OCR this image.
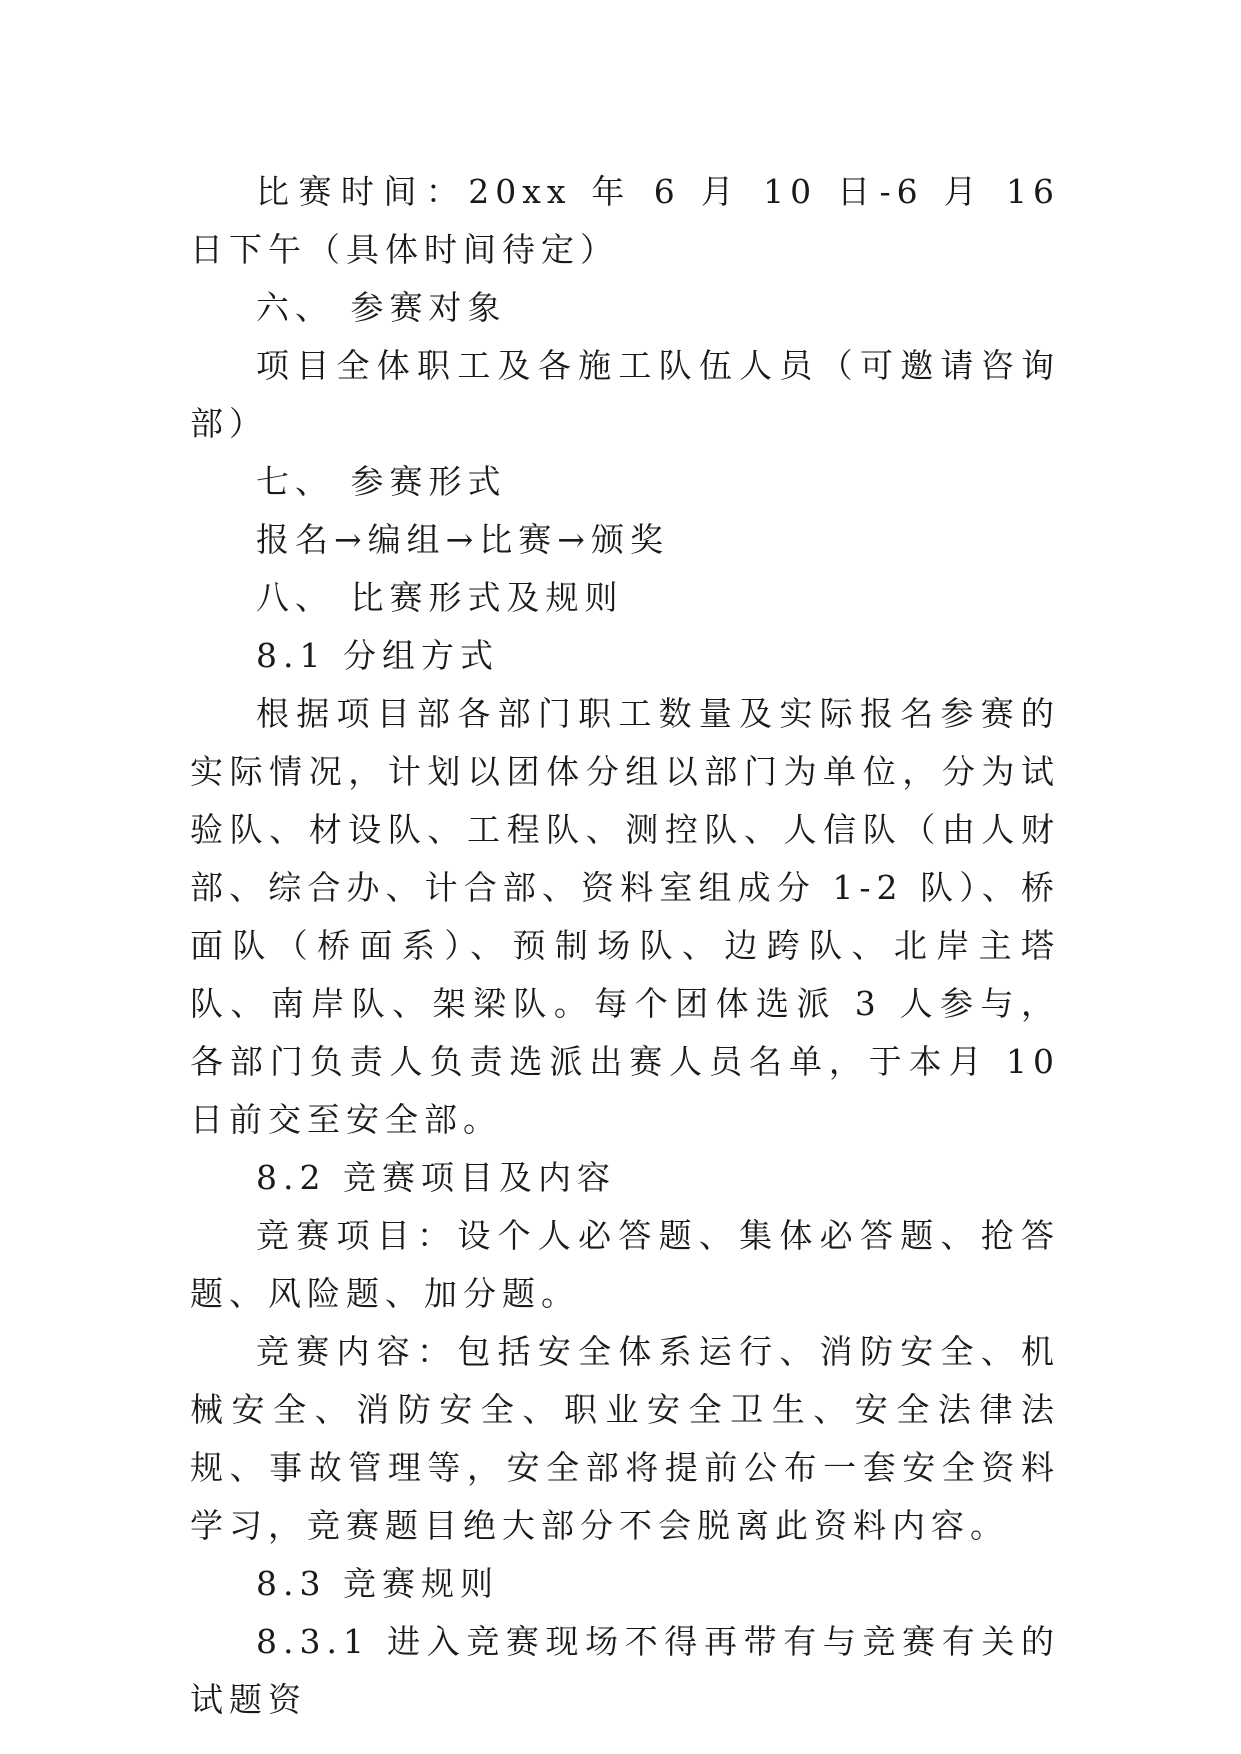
比赛时间：20xx 年 6 月 10 日-6 月 16 日下午（具体时间待定）

六、 参赛对象

项目全体职工及各施工队伍人员（可邀请咨询部）

七、 参赛形式

报名→编组→比赛→颁奖

八、 比赛形式及规则

8.1 分组方式

根据项目部各部门职工数量及实际报名参赛的实际情况，计划以团体分组以部门为单位，分为试验队、材设队、工程队、测控队、人信队（由人财部、综合办、计合部、资料室组成分 1-2 队）、桥面队（桥面系）、预制场队、边跨队、北岸主塔队、南岸队、架梁队。每个团体选派 3 人参与，各部门负责人负责选派出赛人员名单，于本月 10 日前交至安全部。

8.2 竞赛项目及内容

竞赛项目：设个人必答题、集体必答题、抢答题、风险题、加分题。

竞赛内容：包括安全体系运行、消防安全、机械安全、消防安全、职业安全卫生、安全法律法规、事故管理等，安全部将提前公布一套安全资料学习，竞赛题目绝大部分不会脱离此资料内容。

8.3 竞赛规则

8.3.1 进入竞赛现场不得再带有与竞赛有关的试题资
